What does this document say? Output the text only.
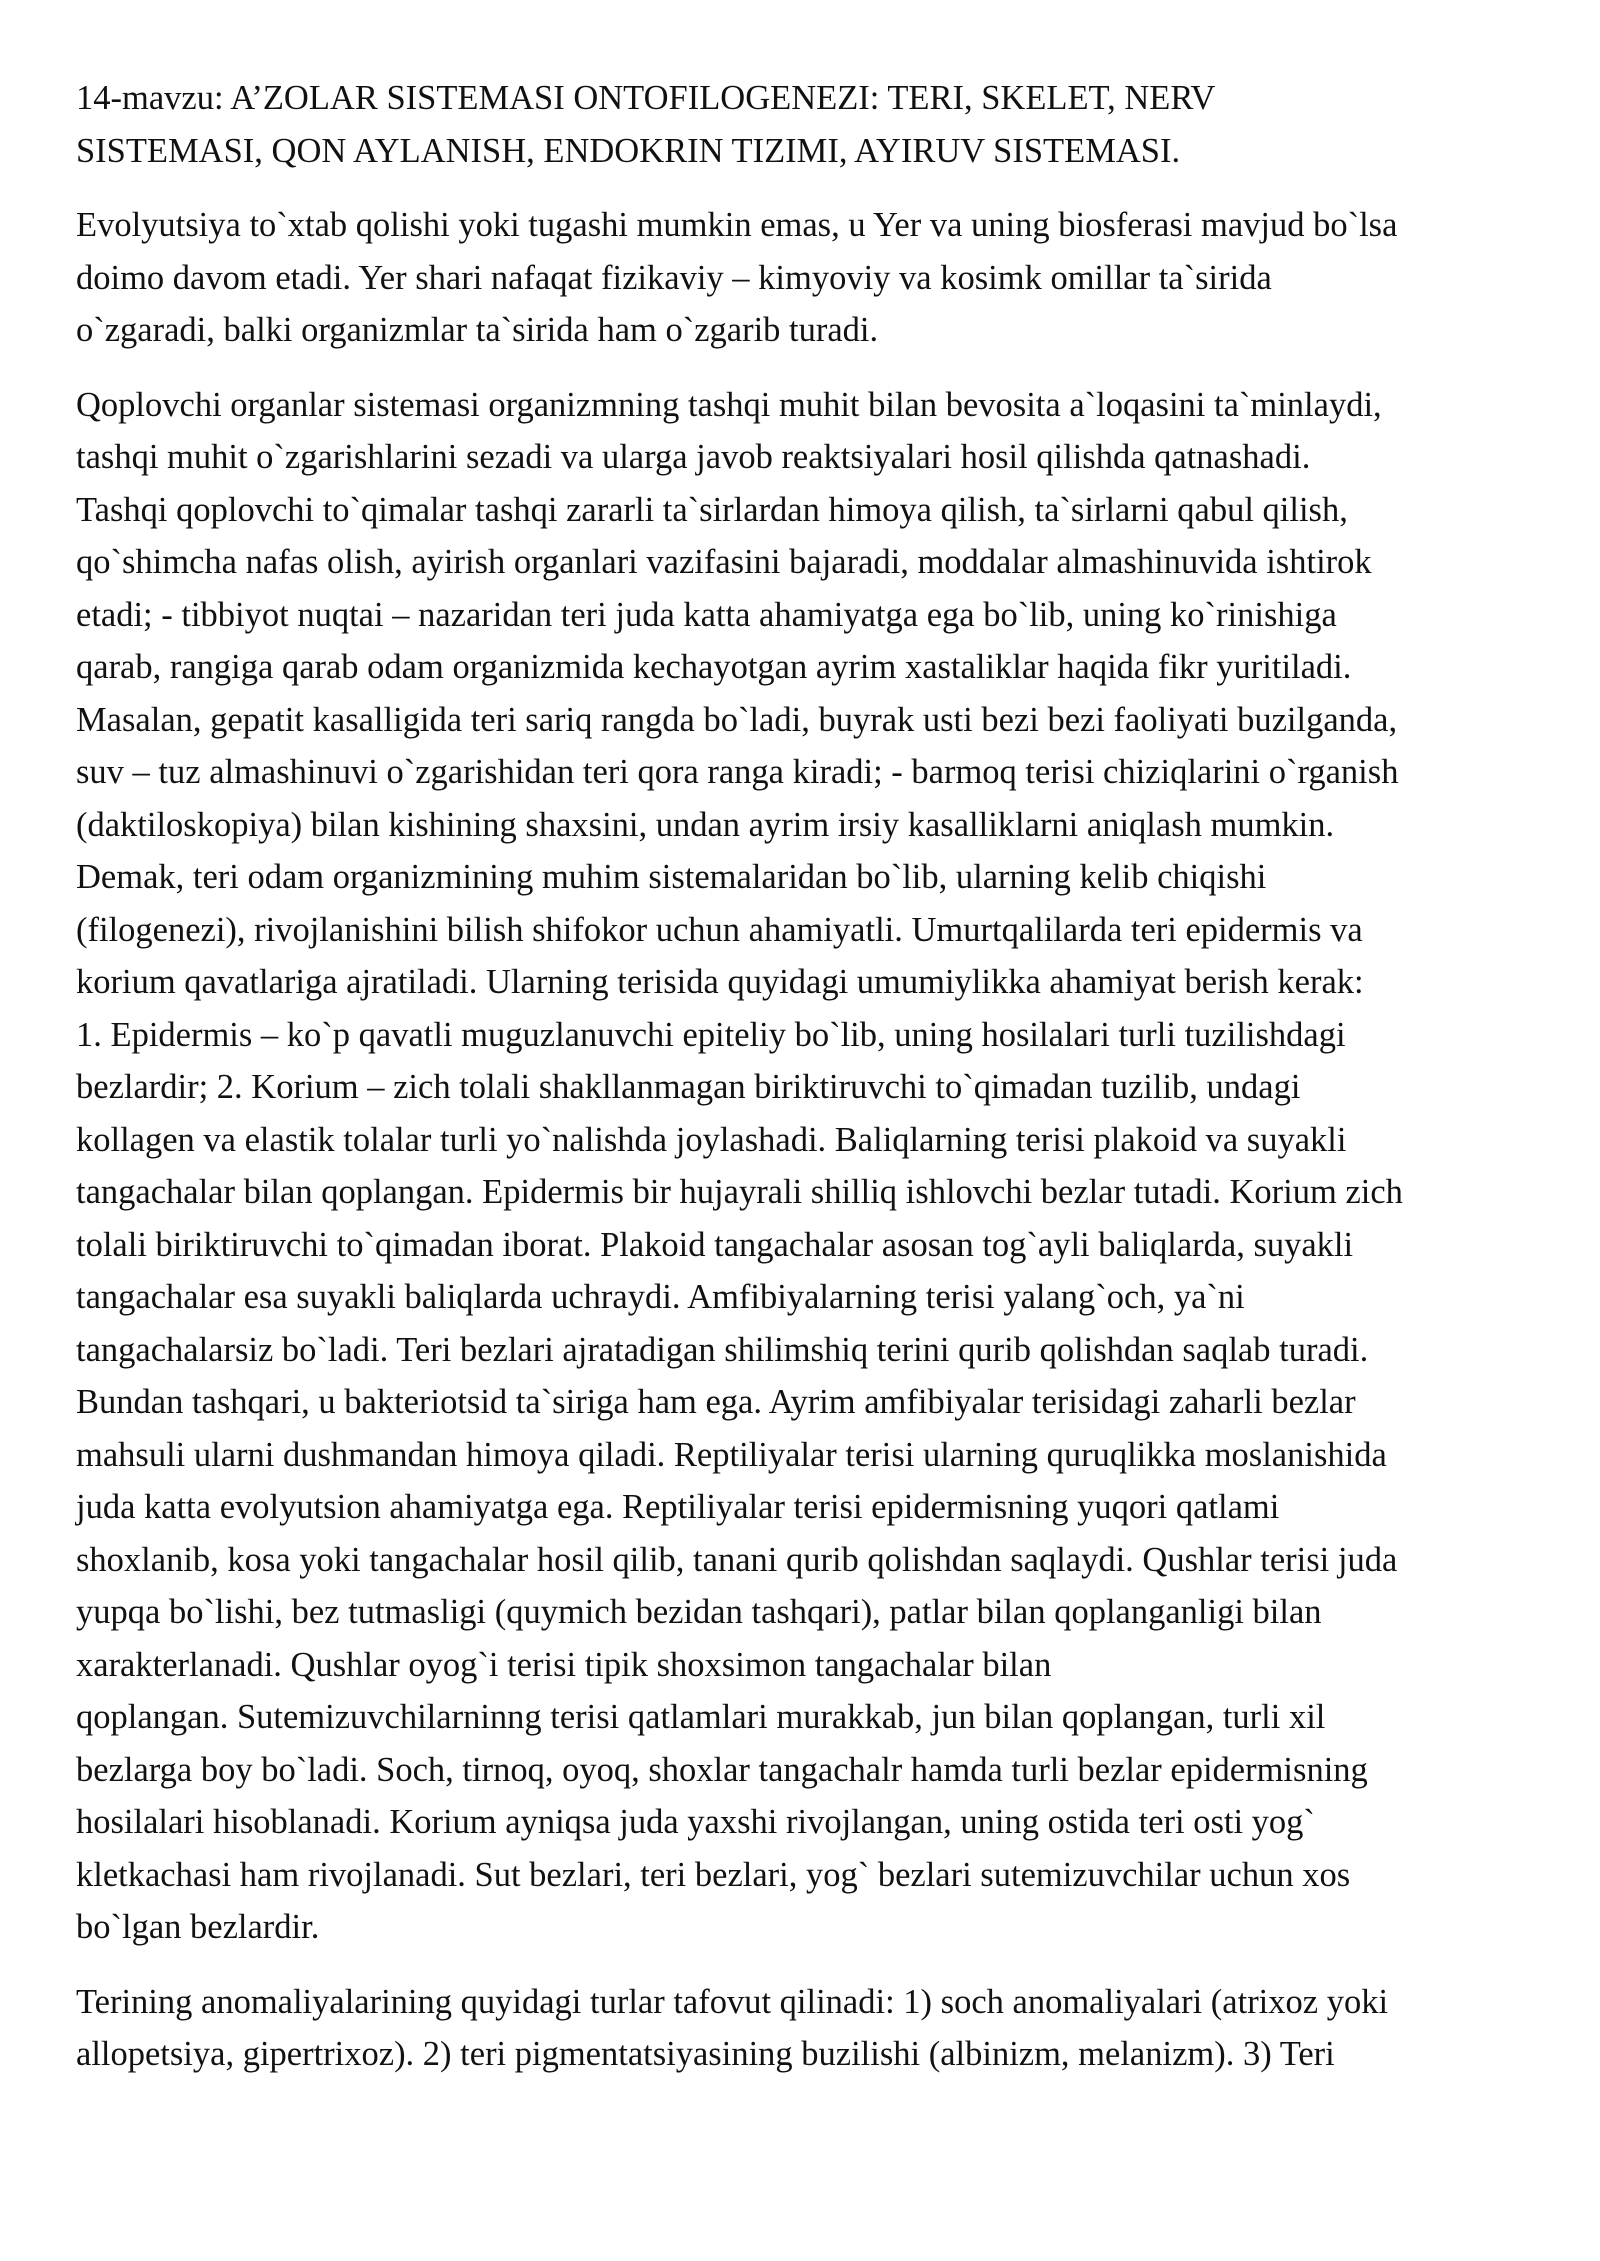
14-mavzu: A’ZOLAR SISTEMASI ONTOFILOGENEZI: TERI, SKELET, NERV
SISTEMASI, QON AYLANISH, ENDOKRIN TIZIMI, AYIRUV SISTEMASI.

Evolyutsiya to`xtab qolishi yoki tugashi mumkin emas, u Yer va uning biosferasi mavjud bo`lsa
doimo davom etadi. Yer shari nafaqat fizikaviy – kimyoviy va kosimk omillar ta`sirida
o`zgaradi, balki organizmlar ta`sirida ham o`zgarib turadi.

Qoplovchi organlar sistemasi organizmning tashqi muhit bilan bevosita a`loqasini ta`minlaydi,
tashqi muhit o`zgarishlarini sezadi va ularga javob reaktsiyalari hosil qilishda qatnashadi.
Tashqi qoplovchi to`qimalar tashqi zararli ta`sirlardan himoya qilish, ta`sirlarni qabul qilish,
qo`shimcha nafas olish, ayirish organlari vazifasini bajaradi, moddalar almashinuvida ishtirok
etadi; - tibbiyot nuqtai – nazaridan teri juda katta ahamiyatga ega bo`lib, uning ko`rinishiga
qarab, rangiga qarab odam organizmida kechayotgan ayrim xastaliklar haqida fikr yuritiladi.
Masalan, gepatit kasalligida teri sariq rangda bo`ladi, buyrak usti bezi bezi faoliyati buzilganda,
suv – tuz almashinuvi o`zgarishidan teri qora ranga kiradi; - barmoq terisi chiziqlarini o`rganish
(daktiloskopiya) bilan kishining shaxsini, undan ayrim irsiy kasalliklarni aniqlash mumkin.
Demak, teri odam organizmining muhim sistemalaridan bo`lib, ularning kelib chiqishi
(filogenezi), rivojlanishini bilish shifokor uchun ahamiyatli. Umurtqalilarda teri epidermis va
korium qavatlariga ajratiladi. Ularning terisida quyidagi umumiylikka ahamiyat berish kerak:
1. Epidermis – ko`p qavatli muguzlanuvchi epiteliy bo`lib, uning hosilalari turli tuzilishdagi
bezlardir; 2. Korium – zich tolali shakllanmagan biriktiruvchi to`qimadan tuzilib, undagi
kollagen va elastik tolalar turli yo`nalishda joylashadi. Baliqlarning terisi plakoid va suyakli
tangachalar bilan qoplangan. Epidermis bir hujayrali shilliq ishlovchi bezlar tutadi. Korium zich
tolali biriktiruvchi to`qimadan iborat. Plakoid tangachalar asosan tog`ayli baliqlarda, suyakli
tangachalar esa suyakli baliqlarda uchraydi. Amfibiyalarning terisi yalang`och, ya`ni
tangachalarsiz bo`ladi. Teri bezlari ajratadigan shilimshiq terini qurib qolishdan saqlab turadi.
Bundan tashqari, u bakteriotsid ta`siriga ham ega. Ayrim amfibiyalar terisidagi zaharli bezlar
mahsuli ularni dushmandan himoya qiladi. Reptiliyalar terisi ularning quruqlikka moslanishida
juda katta evolyutsion ahamiyatga ega. Reptiliyalar terisi epidermisning yuqori qatlami
shoxlanib, kosa yoki tangachalar hosil qilib, tanani qurib qolishdan saqlaydi. Qushlar terisi juda
yupqa bo`lishi, bez tutmasligi (quymich bezidan tashqari), patlar bilan qoplanganligi bilan
xarakterlanadi. Qushlar oyog`i terisi tipik shoxsimon tangachalar bilan
qoplangan. Sutemizuvchilarninng terisi qatlamlari murakkab, jun bilan qoplangan, turli xil
bezlarga boy bo`ladi. Soch, tirnoq, oyoq, shoxlar tangachalr hamda turli bezlar epidermisning
hosilalari hisoblanadi. Korium ayniqsa juda yaxshi rivojlangan, uning ostida teri osti yog`
kletkachasi ham rivojlanadi. Sut bezlari, teri bezlari, yog` bezlari sutemizuvchilar uchun xos
bo`lgan bezlardir.

Terining anomaliyalarining quyidagi turlar tafovut qilinadi: 1) soch anomaliyalari (atrixoz yoki
allopetsiya, gipertrixoz). 2) teri pigmentatsiyasining buzilishi (albinizm, melanizm). 3) Teri
